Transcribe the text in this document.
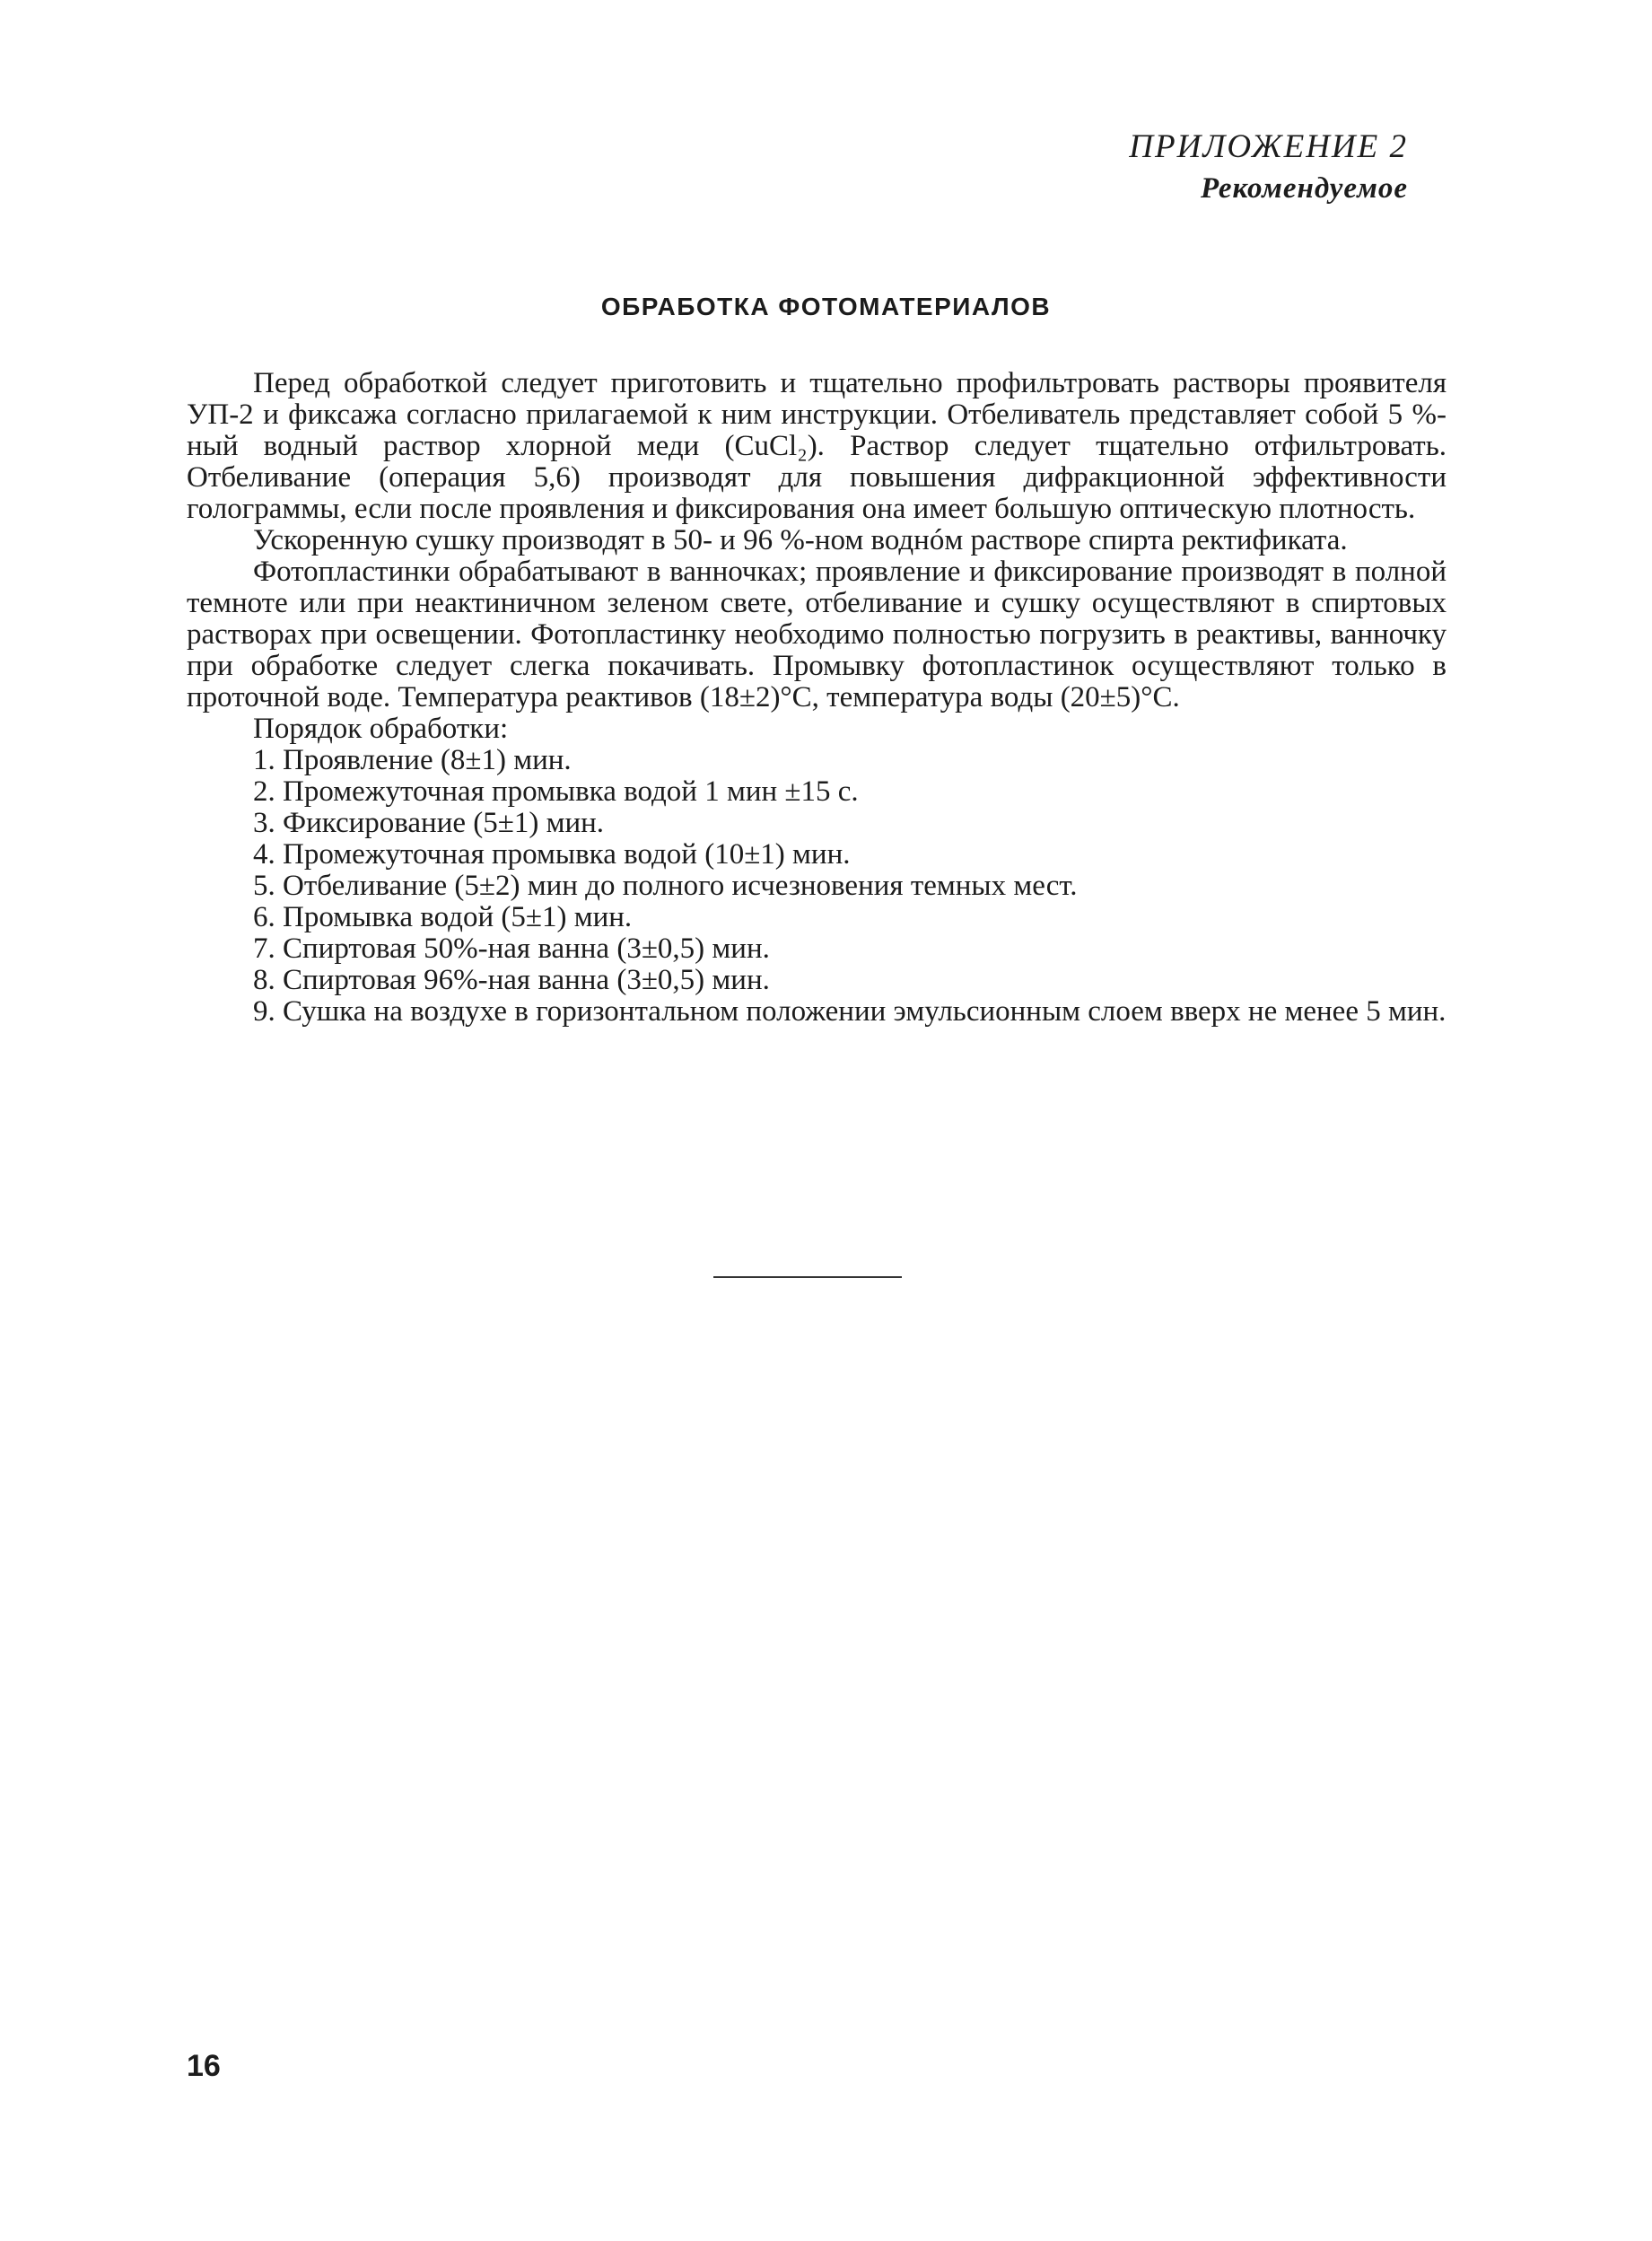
ПРИЛОЖЕНИЕ 2
Рекомендуемое
ОБРАБОТКА ФОТОМАТЕРИАЛОВ

Перед обработкой следует приготовить и тщательно профильтровать растворы проявителя УП-2 и фиксажа согласно прилагаемой к ним инструкции. Отбеливатель представляет собой 5 %-ный водный раствор хлорной меди (CuCl₂). Раствор следует тщательно отфильтровать. Отбеливание (операция 5,6) производят для повышения дифракционной эффективности голограммы, если после проявления и фиксирования она имеет большую оптическую плотность.

Ускоренную сушку производят в 50- и 96 %-ном воднóм растворе спирта ректификата.

Фотопластинки обрабатывают в ванночках; проявление и фиксирование производят в полной темноте или при неактиничном зеленом свете, отбеливание и сушку осуществляют в спиртовых растворах при освещении. Фотопластинку необходимо полностью погрузить в реактивы, ванночку при обработке следует слегка покачивать. Промывку фотопластинок осуществляют только в проточной воде. Температура реактивов (18±2)°С, температура воды (20±5)°С.

Порядок обработки:

1. Проявление (8±1) мин.
2. Промежуточная промывка водой 1 мин ±15 с.
3. Фиксирование (5±1) мин.
4. Промежуточная промывка водой (10±1) мин.
5. Отбеливание (5±2) мин до полного исчезновения темных мест.
6. Промывка водой (5±1) мин.
7. Спиртовая 50%-ная ванна (3±0,5) мин.
8. Спиртовая 96%-ная ванна (3±0,5) мин.
9. Сушка на воздухе в горизонтальном положении эмульсионным слоем вверх не менее 5 мин.
16
